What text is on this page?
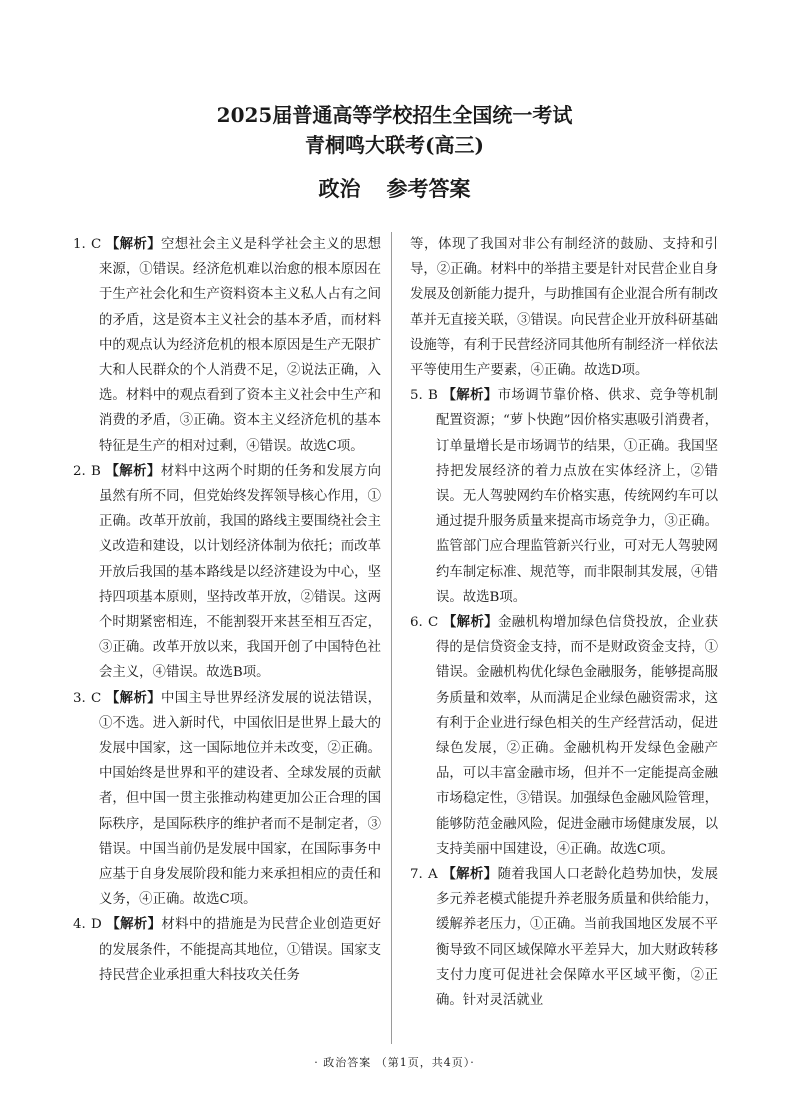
2025届普通高等学校招生全国统一考试
青桐鸣大联考(高三)
政治 参考答案

1. C 【解析】空想社会主义是科学社会主义的思想来源，①错误。经济危机难以治愈的根本原因在于生产社会化和生产资料资本主义私人占有之间的矛盾，这是资本主义社会的基本矛盾，而材料中的观点认为经济危机的根本原因是生产无限扩大和人民群众的个人消费不足，②说法正确，入选。材料中的观点看到了资本主义社会中生产和消费的矛盾，③正确。资本主义经济危机的基本特征是生产的相对过剩，④错误。故选C项。

2. B 【解析】材料中这两个时期的任务和发展方向虽然有所不同，但党始终发挥领导核心作用，①正确。改革开放前，我国的路线主要围绕社会主义改造和建设，以计划经济体制为依托；而改革开放后我国的基本路线是以经济建设为中心，坚持四项基本原则，坚持改革开放，②错误。这两个时期紧密相连，不能割裂开来甚至相互否定，③正确。改革开放以来，我国开创了中国特色社会主义，④错误。故选B项。

3. C 【解析】中国主导世界经济发展的说法错误，①不选。进入新时代，中国依旧是世界上最大的发展中国家，这一国际地位并未改变，②正确。中国始终是世界和平的建设者、全球发展的贡献者，但中国一贯主张推动构建更加公正合理的国际秩序，是国际秩序的维护者而不是制定者，③错误。中国当前仍是发展中国家，在国际事务中应基于自身发展阶段和能力来承担相应的责任和义务，④正确。故选C项。

4. D 【解析】材料中的措施是为民营企业创造更好的发展条件，不能提高其地位，①错误。国家支持民营企业承担重大科技攻关任务

等，体现了我国对非公有制经济的鼓励、支持和引导，②正确。材料中的举措主要是针对民营企业自身发展及创新能力提升，与助推国有企业混合所有制改革并无直接关联，③错误。向民营企业开放科研基础设施等，有利于民营经济同其他所有制经济一样依法平等使用生产要素，④正确。故选D项。

5. B 【解析】市场调节靠价格、供求、竞争等机制配置资源；“萝卜快跑”因价格实惠吸引消费者，订单量增长是市场调节的结果，①正确。我国坚持把发展经济的着力点放在实体经济上，②错误。无人驾驶网约车价格实惠，传统网约车可以通过提升服务质量来提高市场竞争力，③正确。监管部门应合理监管新兴行业，可对无人驾驶网约车制定标准、规范等，而非限制其发展，④错误。故选B项。

6. C 【解析】金融机构增加绿色信贷投放，企业获得的是信贷资金支持，而不是财政资金支持，①错误。金融机构优化绿色金融服务，能够提高服务质量和效率，从而满足企业绿色融资需求，这有利于企业进行绿色相关的生产经营活动，促进绿色发展，②正确。金融机构开发绿色金融产品，可以丰富金融市场，但并不一定能提高金融市场稳定性，③错误。加强绿色金融风险管理，能够防范金融风险，促进金融市场健康发展，以支持美丽中国建设，④正确。故选C项。

7. A 【解析】随着我国人口老龄化趋势加快，发展多元养老模式能提升养老服务质量和供给能力，缓解养老压力，①正确。当前我国地区发展不平衡导致不同区域保障水平差异大，加大财政转移支付力度可促进社会保障水平区域平衡，②正确。针对灵活就业

· 政治答案 （第1页，共4页）·
